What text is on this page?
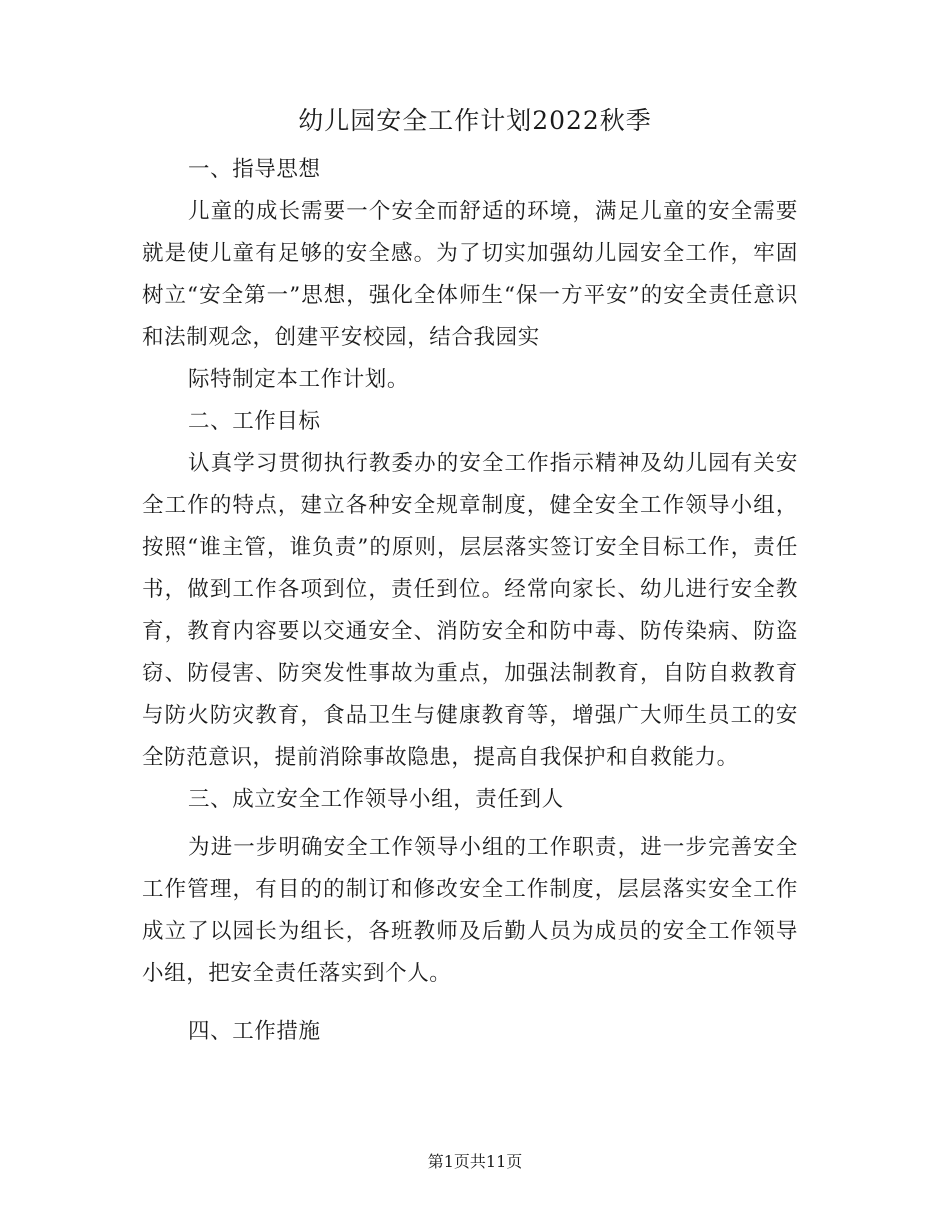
幼儿园安全工作计划2022秋季

一、指导思想

儿童的成长需要一个安全而舒适的环境，满足儿童的安全需要就是使儿童有足够的安全感。为了切实加强幼儿园安全工作，牢固树立“安全第一”思想，强化全体师生“保一方平安”的安全责任意识和法制观念，创建平安校园，结合我园实

际特制定本工作计划。

二、工作目标

认真学习贯彻执行教委办的安全工作指示精神及幼儿园有关安全工作的特点，建立各种安全规章制度，健全安全工作领导小组，按照“谁主管，谁负责”的原则，层层落实签订安全目标工作，责任书，做到工作各项到位，责任到位。经常向家长、幼儿进行安全教育，教育内容要以交通安全、消防安全和防中毒、防传染病、防盗窃、防侵害、防突发性事故为重点，加强法制教育，自防自救教育与防火防灾教育，食品卫生与健康教育等，增强广大师生员工的安全防范意识，提前消除事故隐患，提高自我保护和自救能力。

三、成立安全工作领导小组，责任到人

为进一步明确安全工作领导小组的工作职责，进一步完善安全工作管理，有目的的制订和修改安全工作制度，层层落实安全工作成立了以园长为组长，各班教师及后勤人员为成员的安全工作领导小组，把安全责任落实到个人。

四、工作措施

第1页共11页
